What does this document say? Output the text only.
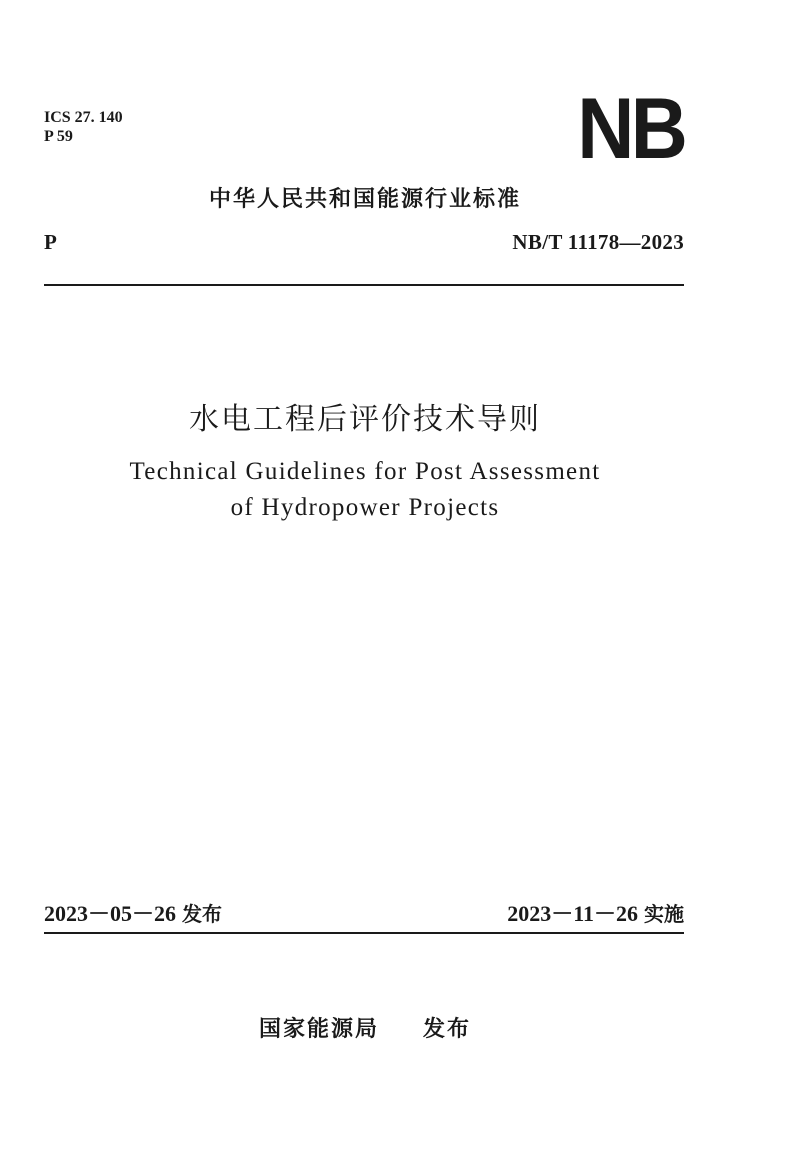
ICS 27. 140
P 59	NB
中华人民共和国能源行业标准
P	NB/T 11178—2023
水电工程后评价技术导则
Technical Guidelines for Post Assessment
of Hydropower Projects
2023－05－26 发布	2023－11－26 实施
国家能源局 发布
